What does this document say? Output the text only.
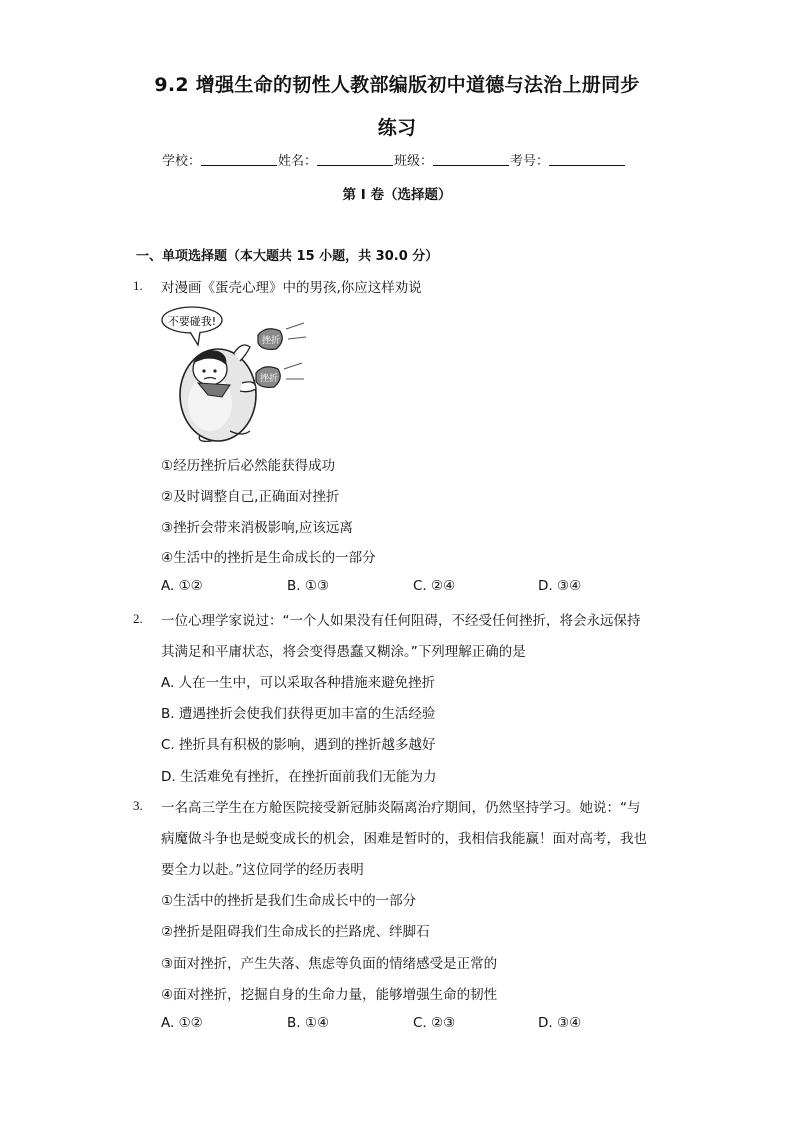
9.2 增强生命的韧性人教部编版初中道德与法治上册同步
练习
学校：	姓名：	班级：	考号：
第 I 卷（选择题）
一、单项选择题（本大题共 15 小题，共 30.0 分）
1. 对漫画《蛋壳心理》中的男孩,你应这样劝说
不要碰我!
挫折
挫折
①经历挫折后必然能获得成功
②及时调整自己,正确面对挫折
③挫折会带来消极影响,应该远离
④生活中的挫折是生命成长的一部分
A. ①②	B. ①③	C. ②④	D. ③④
2. 一位心理学家说过：“一个人如果没有任何阻碍，不经受任何挫折，将会永远保持
其满足和平庸状态，将会变得愚蠢又糊涂。”下列理解正确的是
A. 人在一生中，可以采取各种措施来避免挫折
B. 遭遇挫折会使我们获得更加丰富的生活经验
C. 挫折具有积极的影响，遇到的挫折越多越好
D. 生活难免有挫折，在挫折面前我们无能为力
3. 一名高三学生在方舱医院接受新冠肺炎隔离治疗期间，仍然坚持学习。她说：“与
病魔做斗争也是蜕变成长的机会，困难是暂时的，我相信我能赢！面对高考，我也
要全力以赴。”这位同学的经历表明
①生活中的挫折是我们生命成长中的一部分
②挫折是阻碍我们生命成长的拦路虎、绊脚石
③面对挫折，产生失落、焦虑等负面的情绪感受是正常的
④面对挫折，挖掘自身的生命力量，能够增强生命的韧性
A. ①②	B. ①④	C. ②③	D. ③④
